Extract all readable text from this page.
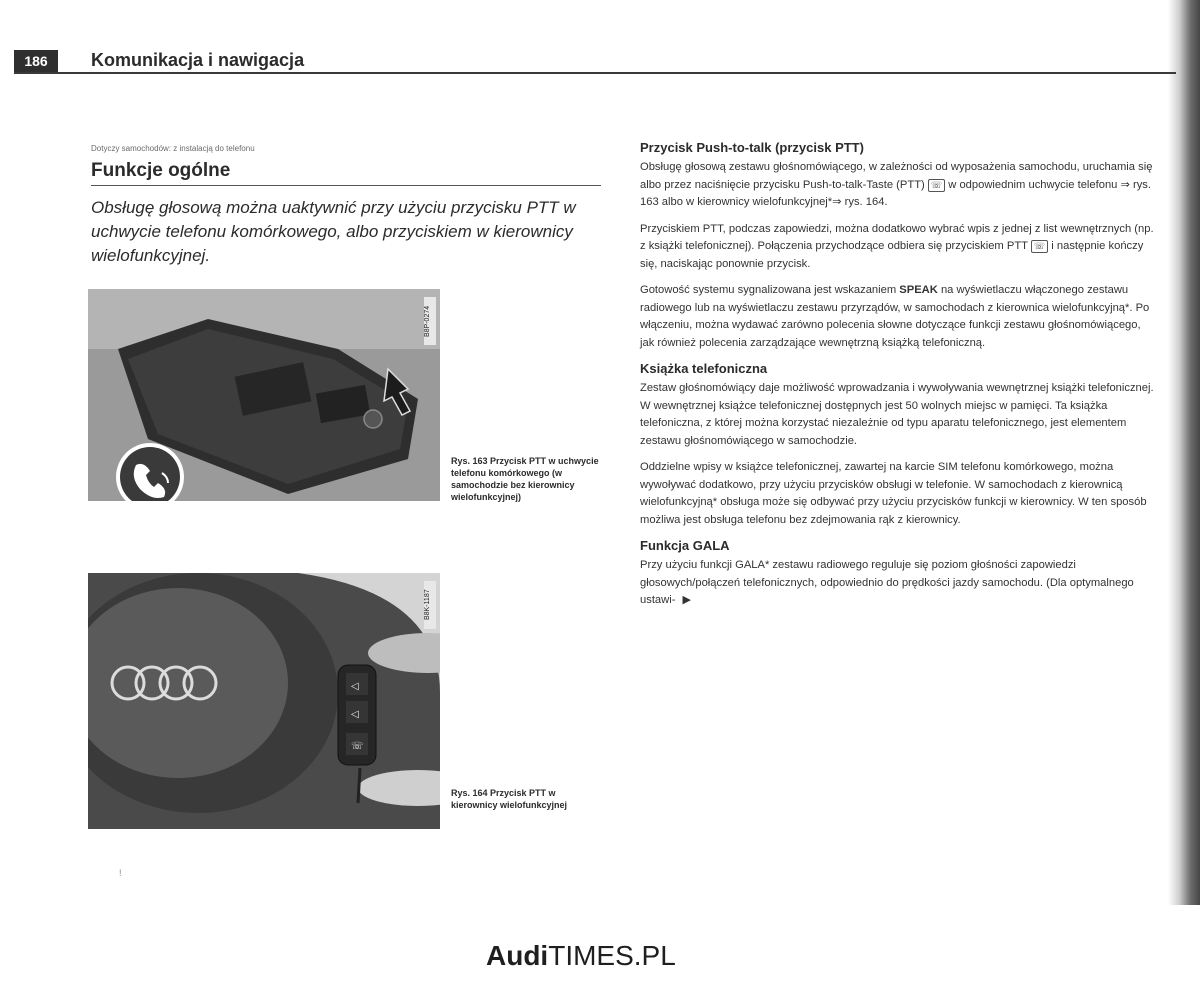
186	Komunikacja i nawigacja
Dotyczy samochodów: z instalacją do telefonu
Funkcje ogólne
Obsługę głosową można uaktywnić przy użyciu przycisku PTT w uchwycie telefonu komórkowego, albo przyciskiem w kierownicy wielofunkcyjnej.
B8P-0274
Rys. 163 Przycisk PTT w uchwycie telefonu komórkowego (w samochodzie bez kierownicy wielofunkcyjnej)
◁
◁
☏
B8K-1187
Rys. 164 Przycisk PTT w kierownicy wielofunkcyjnej
!
Przycisk Push-to-talk (przycisk PTT)

Obsługę głosową zestawu głośnomówiącego, w zależności od wyposażenia samochodu, uruchamia się albo przez naciśnięcie przycisku Push-to-talk-Taste (PTT) ☏ w odpowiednim uchwycie telefonu ⇒ rys. 163 albo w kierownicy wielofunkcyjnej*⇒ rys. 164.

Przyciskiem PTT, podczas zapowiedzi, można dodatkowo wybrać wpis z jednej z list wewnętrznych (np. z książki telefonicznej). Połączenia przychodzące odbiera się przyciskiem PTT ☏ i następnie kończy się, naciskając ponownie przycisk.

Gotowość systemu sygnalizowana jest wskazaniem SPEAK na wyświetlaczu włączonego zestawu radiowego lub na wyświetlaczu zestawu przyrządów, w samochodach z kierownica wielofunkcyjną*. Po włączeniu, można wydawać zarówno polecenia słowne dotyczące funkcji zestawu głośnomówiącego, jak również polecenia zarządzające wewnętrzną książką telefoniczną.

Książka telefoniczna

Zestaw głośnomówiący daje możliwość wprowadzania i wywoływania wewnętrznej książki telefonicznej. W wewnętrznej książce telefonicznej dostępnych jest 50 wolnych miejsc w pamięci. Ta książka telefoniczna, z której można korzystać niezależnie od typu aparatu telefonicznego, jest elementem zestawu głośnomówiącego w samochodzie.

Oddzielne wpisy w książce telefonicznej, zawartej na karcie SIM telefonu komórkowego, można wywoływać dodatkowo, przy użyciu przycisków obsługi w telefonie. W samochodach z kierownicą wielofunkcyjną* obsługa może się odbywać przy użyciu przycisków funkcji w kierownicy. W ten sposób możliwa jest obsługa telefonu bez zdejmowania rąk z kierownicy.

Funkcja GALA

Przy użyciu funkcji GALA* zestawu radiowego reguluje się poziom głośności zapowiedzi głosowych/połączeń telefonicznych, odpowiednio do prędkości jazdy samochodu. (Dla optymalnego ustawi- ▶

AudiTIMES.PL
